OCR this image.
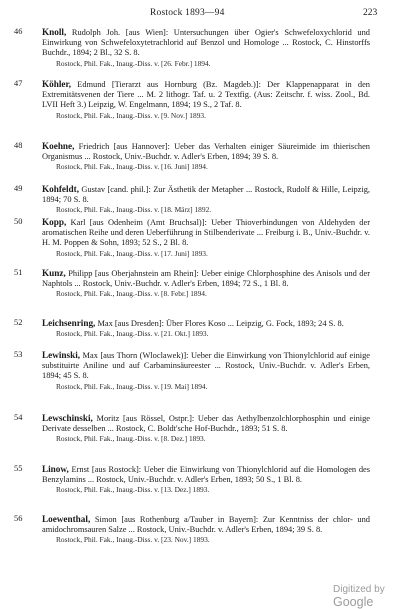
Rostock 1893—94	223
46 Knoll, Rudolph Joh. [aus Wien]: Untersuchungen über Ogier's Schwefeloxychlorid und Einwirkung von Schwefeloxytetrachlorid auf Benzol und Homologe ... Rostock, C. Hinstorffs Buchdr., 1894; 2 Bl., 32 S. 8.
Rostock, Phil. Fak., Inaug.-Diss. v. [26. Febr.] 1894.
47 Köhler, Edmund [Tierarzt aus Hornburg (Bz. Magdeb.)]: Der Klappenapparat in den Extremitätsvenen der Tiere ... M. 2 lithogr. Taf. u. 2 Textfig. (Aus: Zeitschr. f. wiss. Zool., Bd. LVII Heft 3.) Leipzig, W. Engelmann, 1894; 19 S., 2 Taf. 8.
Rostock, Phil. Fak., Inaug.-Diss. v. [9. Nov.] 1893.
48 Koehne, Friedrich [aus Hannover]: Ueber das Verhalten einiger Säureimide im thierischen Organismus ... Rostock, Univ.-Buchdr. v. Adler's Erben, 1894; 39 S. 8.
Rostock, Phil. Fak., Inaug.-Diss. v. [16. Juni] 1894.
49 Kohfeldt, Gustav [cand. phil.]: Zur Ästhetik der Metapher ... Rostock, Rudolf & Hille, Leipzig, 1894; 70 S. 8.
Rostock, Phil. Fak., Inaug.-Diss. v. [18. März] 1892.
50 Kopp, Karl [aus Odenheim (Amt Bruchsal)]: Ueber Thioverbindungen von Aldehyden der aromatischen Reihe und deren Ueberführung in Stilbenderivate ... Freiburg i. B., Univ.-Buchdr. v. H. M. Poppen & Sohn, 1893; 52 S., 2 Bl. 8.
Rostock, Phil. Fak., Inaug.-Diss. v. [17. Juni] 1893.
51 Kunz, Philipp [aus Oberjahnstein am Rhein]: Ueber einige Chlorphosphine des Anisols und der Naphtols ... Rostock, Univ.-Buchdr. v. Adler's Erben, 1894; 72 S., 1 Bl. 8.
Rostock, Phil. Fak., Inaug.-Diss. v. [8. Febr.] 1894.
52 Leichsenring, Max [aus Dresden]: Über Flores Koso ... Leipzig, G. Fock, 1893; 24 S. 8.
Rostock, Phil. Fak., Inaug.-Diss. v. [21. Okt.] 1893.
53 Lewinski, Max [aus Thorn (Wloclawek)]: Ueber die Einwirkung von Thionylchlorid auf einige substituirte Aniline und auf Carbaminsäureester ... Rostock, Univ.-Buchdr. v. Adler's Erben, 1894; 45 S. 8.
Rostock, Phil. Fak., Inaug.-Diss. v. [19. Mai] 1894.
54 Lewschinski, Moritz [aus Rössel, Ostpr.]: Ueber das Aethylbenzolchlorphosphin und einige Derivate desselben ... Rostock, C. Boldt'sche Hof-Buchdr., 1893; 51 S. 8.
Rostock, Phil. Fak., Inaug.-Diss. v. [8. Dez.] 1893.
55 Linow, Ernst [aus Rostock]: Ueber die Einwirkung von Thionylchlorid auf die Homologen des Benzylamins ... Rostock, Univ.-Buchdr. v. Adler's Erben, 1893; 50 S., 1 Bl. 8.
Rostock, Phil. Fak., Inaug.-Diss. v. [13. Dez.] 1893.
56 Loewenthal, Simon [aus Rothenburg a/Tauber in Bayern]: Zur Kenntniss der chlor- und amidochromsauren Salze ... Rostock, Univ.-Buchdr. v. Adler's Erben, 1894; 39 S. 8.
Rostock, Phil. Fak., Inaug.-Diss. v. [23. Nov.] 1893.
Digitized by Google
